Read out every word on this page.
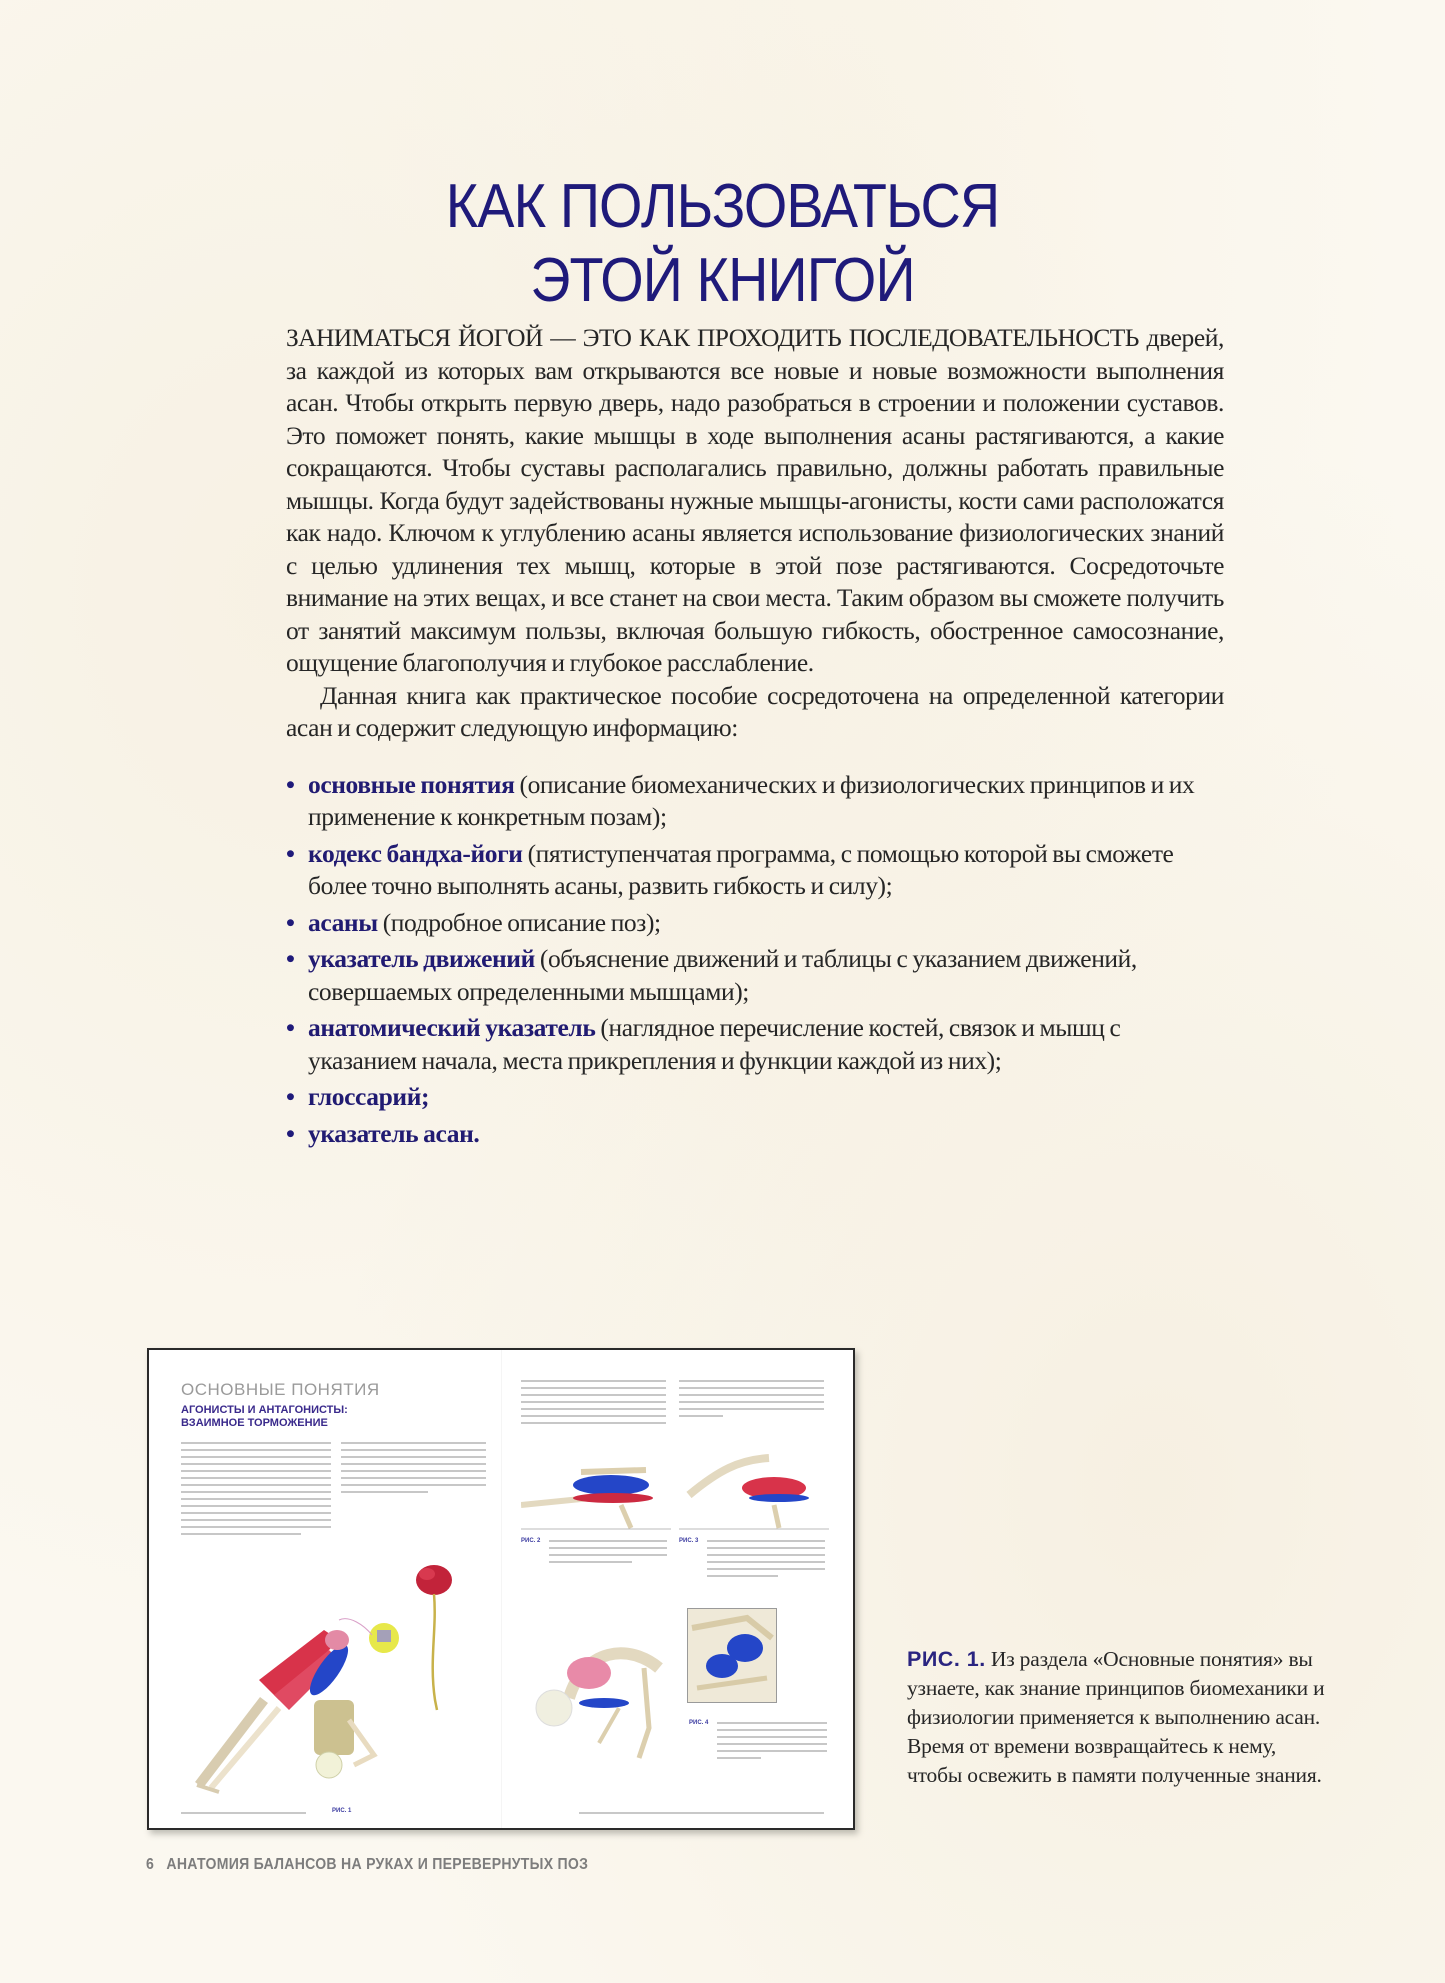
КАК ПОЛЬЗОВАТЬСЯ
ЭТОЙ КНИГОЙ

ЗАНИМАТЬСЯ ЙОГОЙ — ЭТО КАК ПРОХОДИТЬ ПОСЛЕДОВАТЕЛЬНОСТЬ дверей, за каждой из которых вам открываются все новые и новые возможности выполнения асан. Чтобы открыть первую дверь, надо разобраться в строении и положении суставов. Это поможет понять, какие мышцы в ходе выполнения асаны растягиваются, а какие сокращаются. Чтобы суставы располагались правильно, должны работать правильные мышцы. Когда будут задействованы нужные мышцы-агонисты, кости сами расположатся как надо. Ключом к углублению асаны является использование физиологических знаний с целью удлинения тех мышц, которые в этой позе растягиваются. Сосредоточьте внимание на этих вещах, и все станет на свои места. Таким образом вы сможете получить от занятий максимум пользы, включая большую гибкость, обостренное самосознание, ощущение благополучия и глубокое расслабление.

Данная книга как практическое пособие сосредоточена на определенной категории асан и содержит следующую информацию:

• основные понятия (описание биомеханических и физиологических принципов и их применение к конкретным позам);
• кодекс бандха-йоги (пятиступенчатая программа, с помощью которой вы сможете более точно выполнять асаны, развить гибкость и силу);
• асаны (подробное описание поз);
• указатель движений (объяснение движений и таблицы с указанием движений, совершаемых определенными мышцами);
• анатомический указатель (наглядное перечисление костей, связок и мышц с указанием начала, места прикрепления и функции каждой из них);
• глоссарий;
• указатель асан.
ОСНОВНЫЕ ПОНЯТИЯ
АГОНИСТЫ И АНТАГОНИСТЫ:
ВЗАИМНОЕ ТОРМОЖЕНИЕ
РИС. 1
РИС. 2	РИС. 3
РИС. 4
РИС. 1. Из раздела «Основные понятия» вы узнаете, как знание принципов биомеханики и физиологии применяется к выполнению асан. Время от времени возвращайтесь к нему, чтобы освежить в памяти полученные знания.
6 АНАТОМИЯ БАЛАНСОВ НА РУКАХ И ПЕРЕВЕРНУТЫХ ПОЗ
